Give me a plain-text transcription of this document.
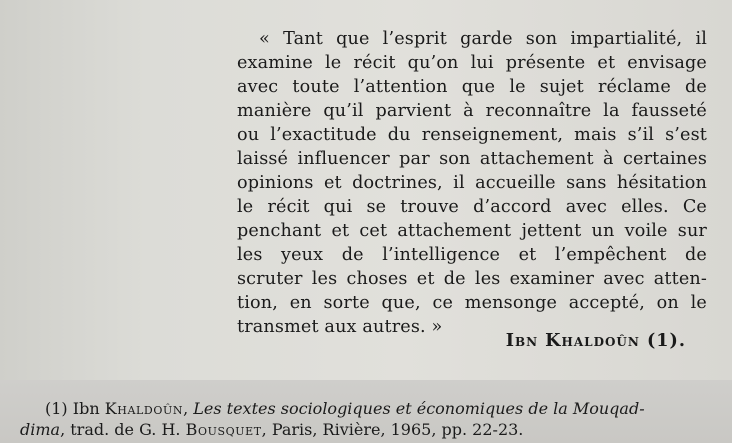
« Tant que l’esprit garde son impartialité, il
examine le récit qu’on lui présente et envisage
avec toute l’attention que le sujet réclame de
manière qu’il parvient à reconnaître la fausseté
ou l’exactitude du renseignement, mais s’il s’est
laissé influencer par son attachement à certaines
opinions et doctrines, il accueille sans hésitation
le récit qui se trouve d’accord avec elles. Ce
penchant et cet attachement jettent un voile sur
les yeux de l’intelligence et l’empêchent de
scruter les choses et de les examiner avec atten-
tion, en sorte que, ce mensonge accepté, on le
transmet aux autres. »
Ibn Khaldoûn (1).
(1) Ibn Khaldoûn, Les textes sociologiques et économiques de la Mouqad-
dima, trad. de G. H. Bousquet, Paris, Rivière, 1965, pp. 22-23.
